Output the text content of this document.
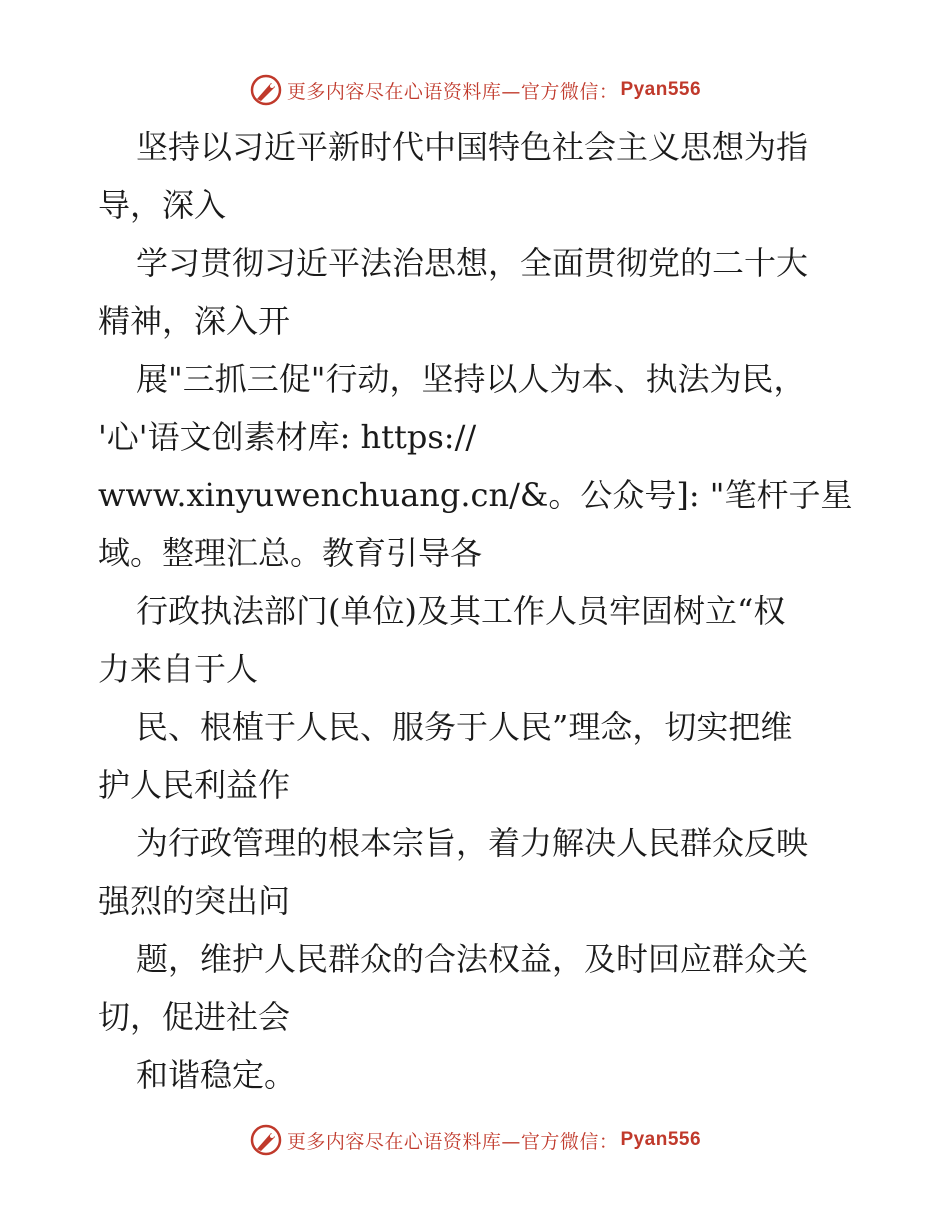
更多内容尽在心语资料库—官方微信： Pyan556
坚持以习近平新时代中国特色社会主义思想为指
导，深入
学习贯彻习近平法治思想，全面贯彻党的二十大
精神，深入开
展"三抓三促"行动，坚持以人为本、执法为民，
'心'语文创素材库: https://
www.xinyuwenchuang.cn/&。公众号]: "笔杆子星
域。整理汇总。教育引导各
行政执法部门(单位)及其工作人员牢固树立“权
力来自于人
民、根植于人民、服务于人民”理念，切实把维
护人民利益作
为行政管理的根本宗旨，着力解决人民群众反映
强烈的突出问
题，维护人民群众的合法权益，及时回应群众关
切，促进社会
和谐稳定。
更多内容尽在心语资料库—官方微信： Pyan556
